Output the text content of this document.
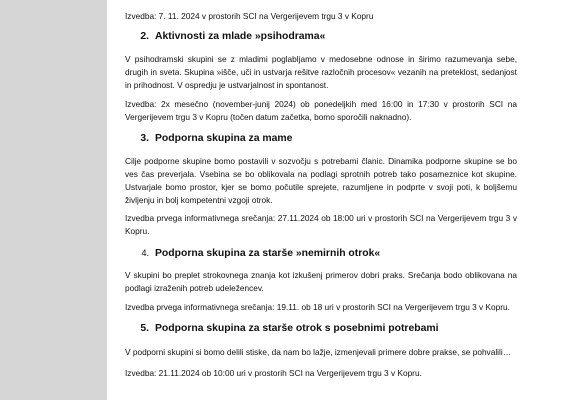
Izvedba: 7. 11. 2024 v prostorih SCI na Vergerijevem trgu 3 v Kopru

2. Aktivnosti za mlade »psihodrama«

V psihodramski skupini se z mladimi poglabljamo v medosebne odnose in širimo razumevanja sebe, drugih in sveta. Skupina »išče, uči in ustvarja rešitve razločnih procesov« vezanih na preteklost, sedanjost in prihodnost. V ospredju je ustvarjalnost in spontanost.

Izvedba: 2x mesečno (november-junij 2024) ob ponedeljkih med 16:00 in 17:30 v prostorih SCI na Vergerijevem trgu 3 v Kopru (točen datum začetka, bomo sporočili naknadno).

3. Podporna skupina za mame

Cilje podporne skupine bomo postavili v sozvočju s potrebami članic. Dinamika podporne skupine se bo ves čas preverjala. Vsebina se bo oblikovala na podlagi sprotnih potreb tako posameznice kot skupine. Ustvarjale bomo prostor, kjer se bomo počutile sprejete, razumljene in podprte v svoji poti, k boljšemu življenju in bolj kompetentni vzgoji otrok.

Izvedba prvega informativnega srečanja: 27.11.2024 ob 18:00 uri v prostorih SCI na Vergerijevem trgu 3 v Kopru.

4. Podporna skupina za starše »nemirnih otrok«

V skupini bo preplet strokovnega znanja kot izkušenj primerov dobri praks. Srečanja bodo oblikovana na podlagi izraženih potreb udeležencev.

Izvedba prvega informativnega srečanja: 19.11. ob 18 uri v prostorih SCI na Vergerijevem trgu 3 v Kopru.

5. Podporna skupina za starše otrok s posebnimi potrebami

V podporni skupini si bomo delili stiske, da nam bo lažje, izmenjevali primere dobre prakse, se pohvalili…

Izvedba: 21.11.2024 ob 10:00 uri v prostorih SCI na Vergerijevem trgu 3 v Kopru.
